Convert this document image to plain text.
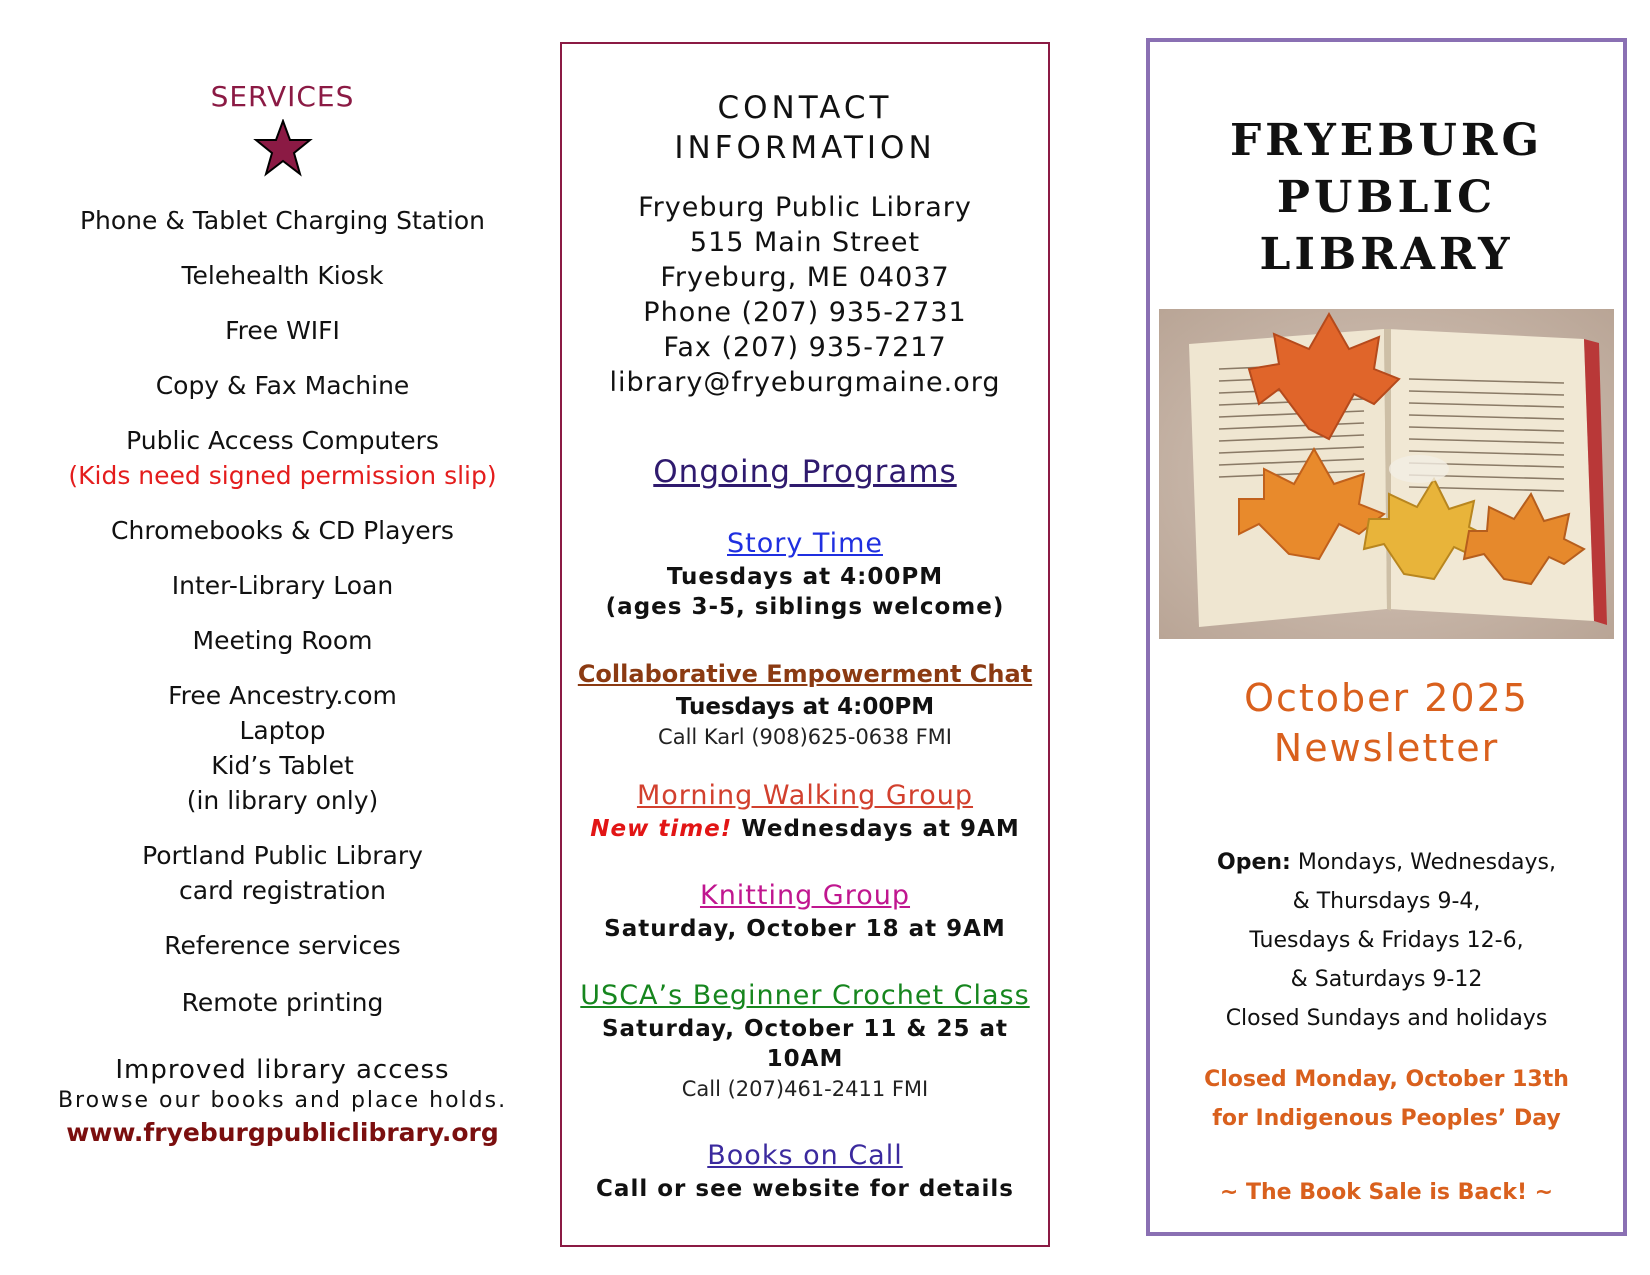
SERVICES
Phone & Tablet Charging Station
Telehealth Kiosk
Free WIFI
Copy & Fax Machine
Public Access Computers
(Kids need signed permission slip)
Chromebooks & CD Players
Inter-Library Loan
Meeting Room
Free Ancestry.com
Laptop
Kid’s Tablet
(in library only)
Portland Public Library
card registration
Reference services
Remote printing
Improved library access
Browse our books and place holds.
www.fryeburgpubliclibrary.org
CONTACT
INFORMATION
Fryeburg Public Library
515 Main Street
Fryeburg, ME 04037
Phone (207) 935-2731
Fax (207) 935-7217
library@fryeburgmaine.org
Ongoing Programs
Story Time
Tuesdays at 4:00PM
(ages 3-5, siblings welcome)
Collaborative Empowerment Chat
Tuesdays at 4:00PM
Call Karl (908)625-0638 FMI
Morning Walking Group
New time! Wednesdays at 9AM
Knitting Group
Saturday, October 18 at 9AM
USCA’s Beginner Crochet Class
Saturday, October 11 & 25 at 10AM
Call (207)461-2411 FMI
Books on Call
Call or see website for details
FRYEBURG
PUBLIC
LIBRARY
October 2025
Newsletter
Open: Mondays, Wednesdays,
& Thursdays 9-4,
Tuesdays & Fridays 12-6,
& Saturdays 9-12
Closed Sundays and holidays
Closed Monday, October 13th
for Indigenous Peoples’ Day
~ The Book Sale is Back! ~
